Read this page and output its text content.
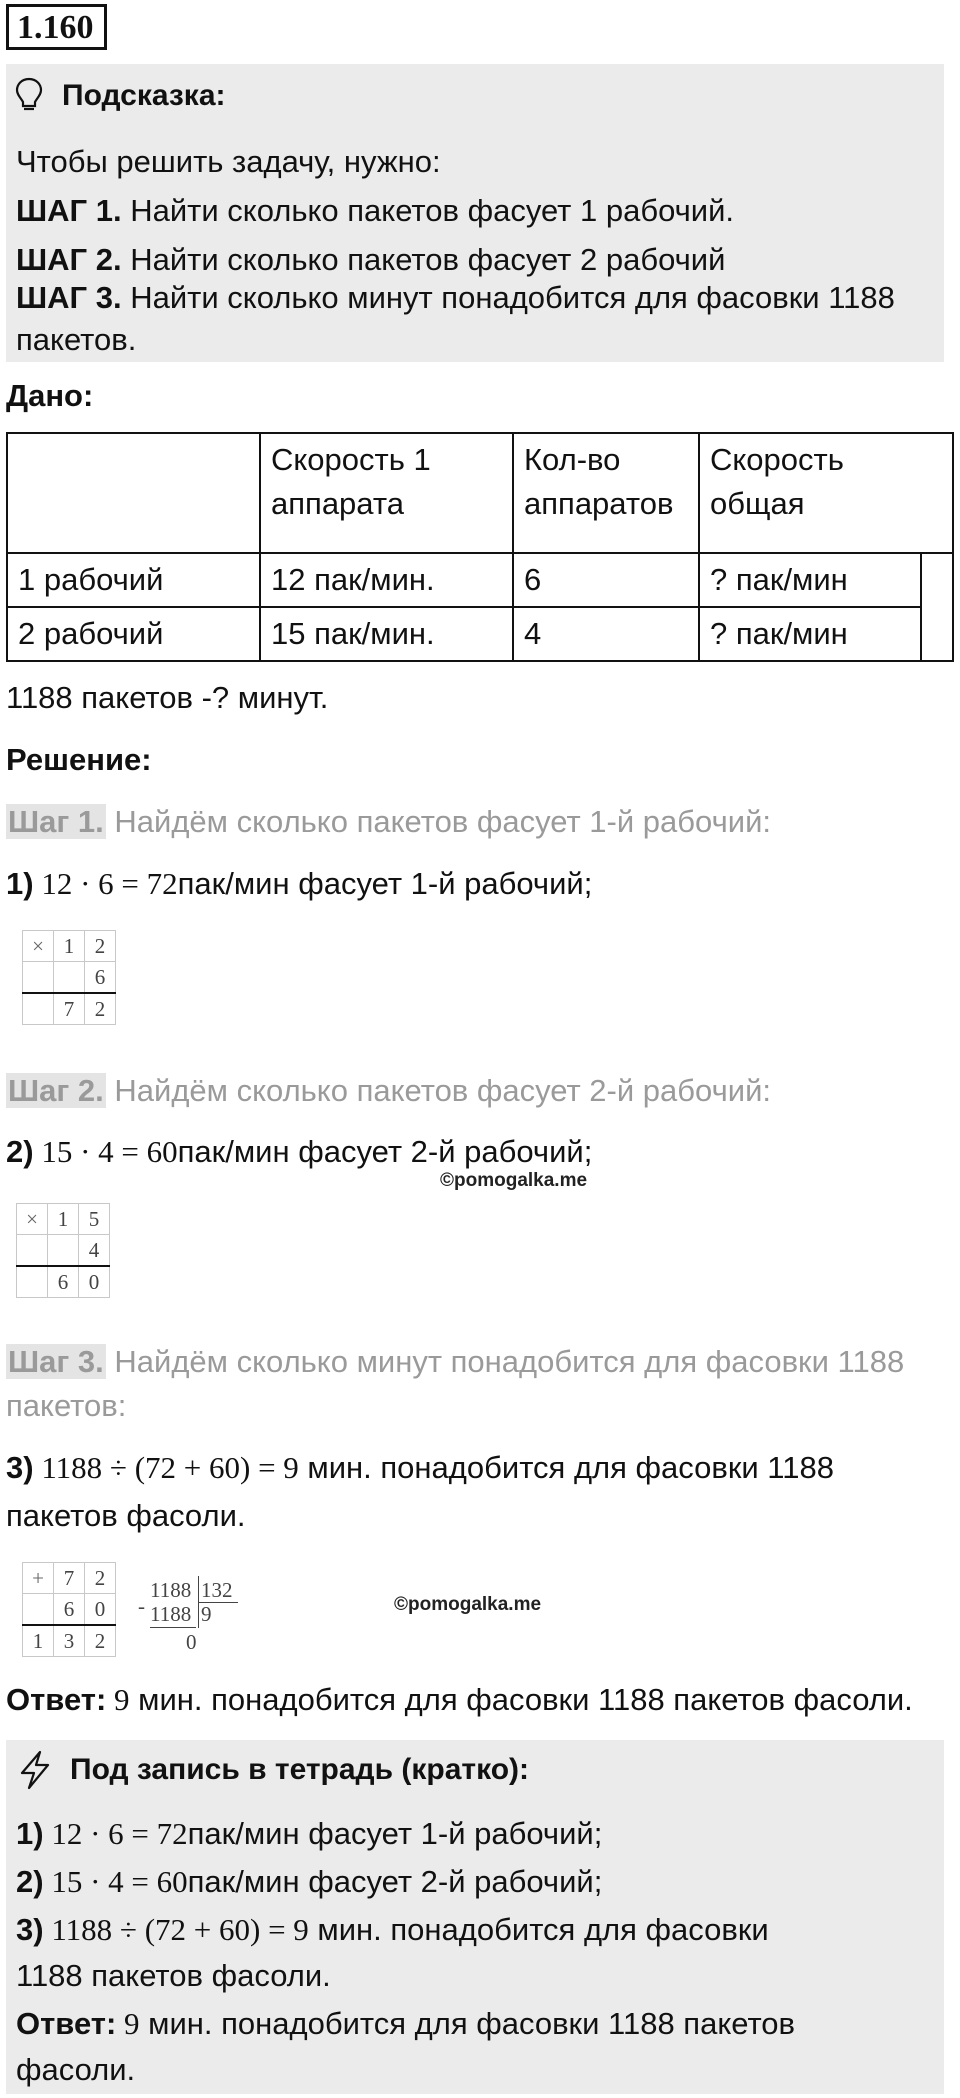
1.160
Подсказка:
Чтобы решить задачу, нужно:
ШАГ 1. Найти сколько пакетов фасует 1 рабочий.
ШАГ 2. Найти сколько пакетов фасует 2 рабочий
ШАГ 3. Найти сколько минут понадобится для фасовки 1188
пакетов.
Дано:
	Скорость 1 аппарата	Кол-во аппаратов	Скорость общая	
1 рабочий	12 пак/мин.	6	? пак/мин	
2 рабочий	15 пак/мин.	4	? пак/мин	
1188 пакетов -? минут.
Решение:
Шаг 1. Найдём сколько пакетов фасует 1-й рабочий:
1) 12 · 6 = 72пак/мин фасует 1-й рабочий;
×	1	2
		6
	7	2
Шаг 2. Найдём сколько пакетов фасует 2-й рабочий:
2) 15 · 4 = 60пак/мин фасует 2-й рабочий;
©pomogalka.me
×	1	5
		4
	6	0
Шаг 3. Найдём сколько минут понадобится для фасовки 1188
пакетов:
3) 1188 ÷ (72 + 60) = 9 мин. понадобится для фасовки 1188
пакетов фасоли.
+	7	2
	6	0
1	3	2
-
1188 132
1188 9
0
©pomogalka.me
Ответ: 9 мин. понадобится для фасовки 1188 пакетов фасоли.
Под запись в тетрадь (кратко):
1) 12 · 6 = 72пак/мин фасует 1-й рабочий;
2) 15 · 4 = 60пак/мин фасует 2-й рабочий;
3) 1188 ÷ (72 + 60) = 9 мин. понадобится для фасовки
1188 пакетов фасоли.
Ответ: 9 мин. понадобится для фасовки 1188 пакетов
фасоли.
